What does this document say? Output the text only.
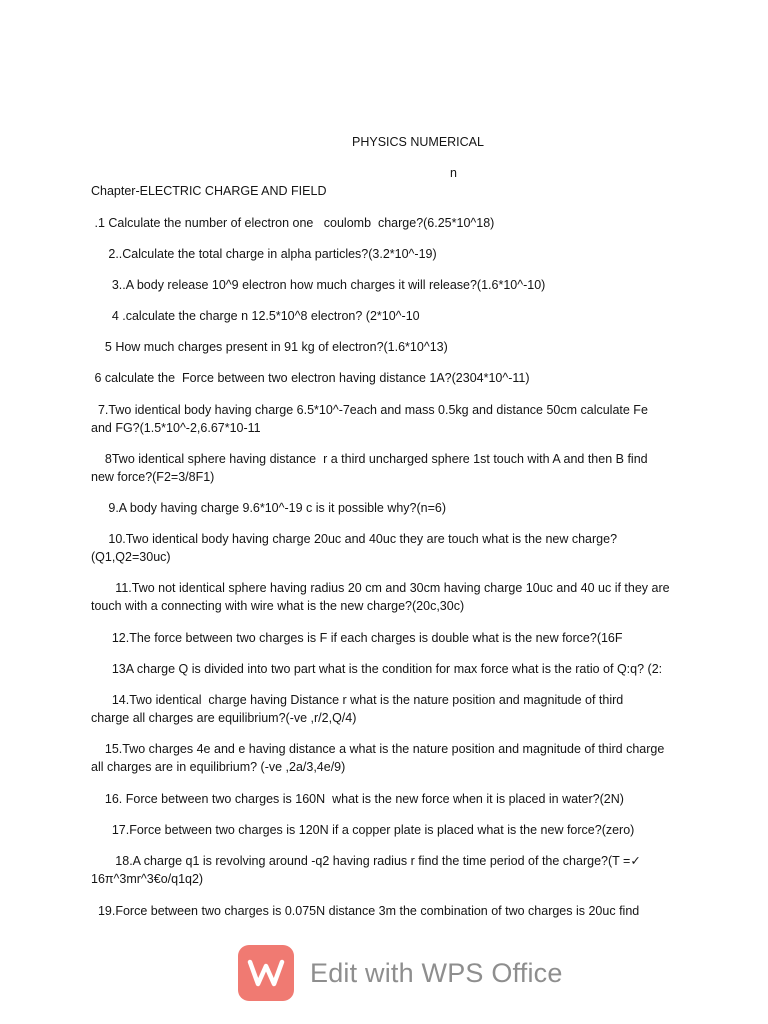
PHYSICS NUMERICAL
n
Chapter-ELECTRIC CHARGE AND FIELD
.1 Calculate the number of electron one   coulomb  charge?(6.25*10^18)
2..Calculate the total charge in alpha particles?(3.2*10^-19)
3..A body release 10^9 electron how much charges it will release?(1.6*10^-10)
4 .calculate the charge n 12.5*10^8 electron? (2*10^-10
5 How much charges present in 91 kg of electron?(1.6*10^13)
6 calculate the  Force between two electron having distance 1A?(2304*10^-11)
7.Two identical body having charge 6.5*10^-7each and mass 0.5kg and distance 50cm calculate Fe
and FG?(1.5*10^-2,6.67*10-11
8Two identical sphere having distance  r a third uncharged sphere 1st touch with A and then B find
new force?(F2=3/8F1)
9.A body having charge 9.6*10^-19 c is it possible why?(n=6)
10.Two identical body having charge 20uc and 40uc they are touch what is the new charge?
(Q1,Q2=30uc)
11.Two not identical sphere having radius 20 cm and 30cm having charge 10uc and 40 uc if they are
touch with a connecting with wire what is the new charge?(20c,30c)
12.The force between two charges is F if each charges is double what is the new force?(16F
13A charge Q is divided into two part what is the condition for max force what is the ratio of Q:q? (2:
14.Two identical  charge having Distance r what is the nature position and magnitude of third
charge all charges are equilibrium?(-ve ,r/2,Q/4)
15.Two charges 4e and e having distance a what is the nature position and magnitude of third charge
all charges are in equilibrium? (-ve ,2a/3,4e/9)
16. Force between two charges is 160N  what is the new force when it is placed in water?(2N)
17.Force between two charges is 120N if a copper plate is placed what is the new force?(zero)
18.A charge q1 is revolving around -q2 having radius r find the time period of the charge?(T =✓
16π^3mr^3€o/q1q2)
19.Force between two charges is 0.075N distance 3m the combination of two charges is 20uc find
Edit with WPS Office
